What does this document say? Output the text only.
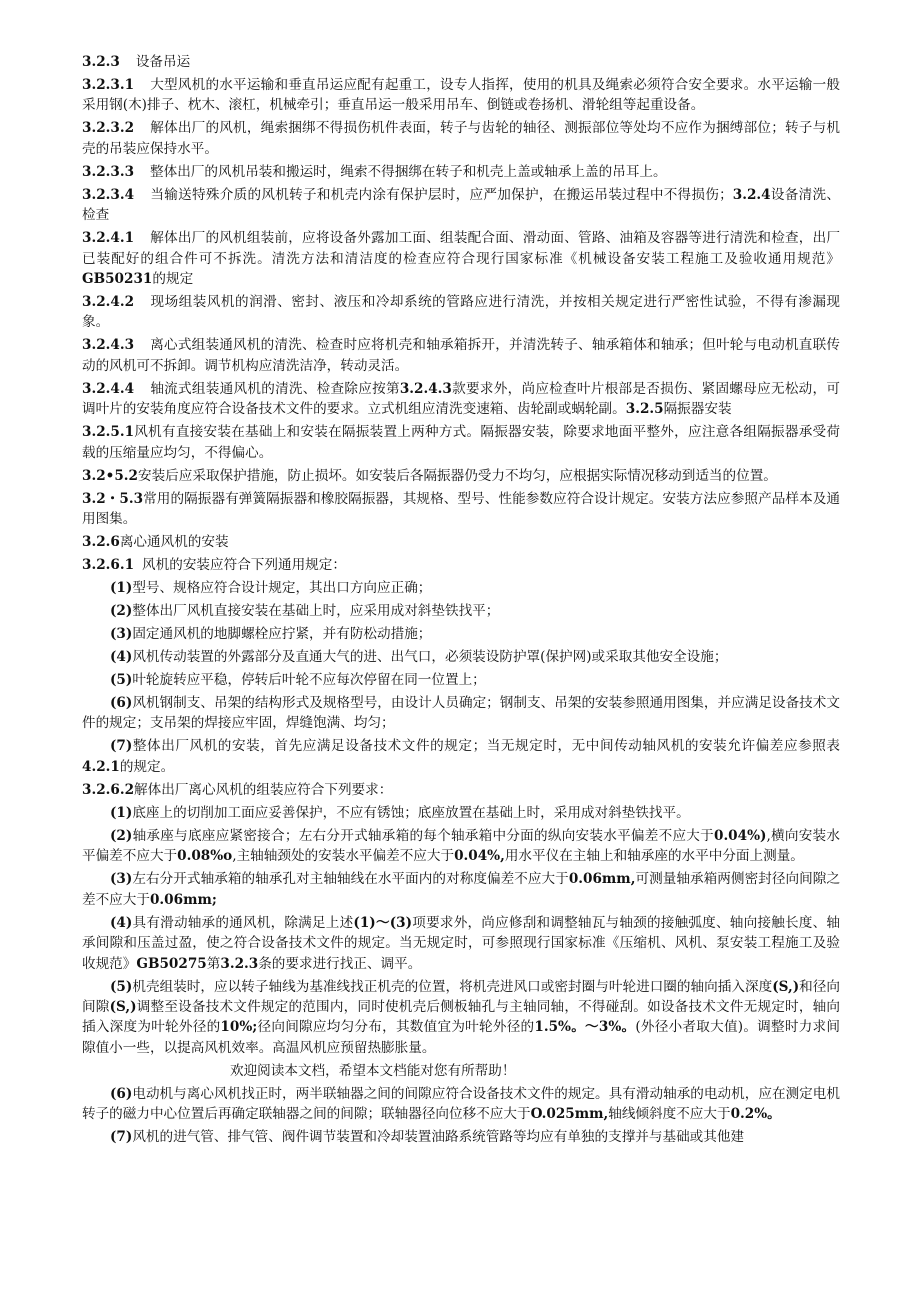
3.2.3 设备吊运
3.2.3.1 大型风机的水平运输和垂直吊运应配有起重工，设专人指挥，使用的机具及绳索必须符合安全要求。水平运输一般采用钢(木)排子、枕木、滚杠，机械牵引；垂直吊运一般采用吊车、倒链或卷扬机、滑轮组等起重设备。
3.2.3.2 解体出厂的风机，绳索捆绑不得损伤机件表面，转子与齿轮的轴径、测振部位等处均不应作为捆缚部位；转子与机壳的吊装应保持水平。
3.2.3.3 整体出厂的风机吊装和搬运时，绳索不得捆绑在转子和机壳上盖或轴承上盖的吊耳上。
3.2.3.4 当输送特殊介质的风机转子和机壳内涂有保护层时，应严加保护，在搬运吊装过程中不得损伤；3.2.4设备清洗、检查
3.2.4.1 解体出厂的风机组装前，应将设备外露加工面、组装配合面、滑动面、管路、油箱及容器等进行清洗和检查，出厂已装配好的组合件可不拆洗。清洗方法和清洁度的检查应符合现行国家标准《机械设备安装工程施工及验收通用规范》GB50231的规定
3.2.4.2 现场组装风机的润滑、密封、液压和冷却系统的管路应进行清洗，并按相关规定进行严密性试验，不得有渗漏现象。
3.2.4.3 离心式组装通风机的清洗、检查时应将机壳和轴承箱拆开，并清洗转子、轴承箱体和轴承；但叶轮与电动机直联传动的风机可不拆卸。调节机构应清洗洁净，转动灵活。
3.2.4.4 轴流式组装通风机的清洗、检查除应按第3.2.4.3款要求外，尚应检查叶片根部是否损伤、紧固螺母应无松动，可调叶片的安装角度应符合设备技术文件的要求。立式机组应清洗变速箱、齿轮副或蜗轮副。3.2.5隔振器安装
3.2.5.1风机有直接安装在基础上和安装在隔振装置上两种方式。隔振器安装，除要求地面平整外，应注意各组隔振器承受荷载的压缩量应均匀，不得偏心。
3.2•5.2安装后应采取保护措施，防止损坏。如安装后各隔振器仍受力不均匀，应根据实际情况移动到适当的位置。
3.2・5.3常用的隔振器有弹簧隔振器和橡胶隔振器，其规格、型号、性能参数应符合设计规定。安装方法应参照产品样本及通用图集。
3.2.6离心通风机的安装
3.2.6.1 风机的安装应符合下列通用规定：
(1)型号、规格应符合设计规定，其出口方向应正确；
(2)整体出厂风机直接安装在基础上时，应采用成对斜垫铁找平；
(3)固定通风机的地脚螺栓应拧紧，并有防松动措施；
(4)风机传动装置的外露部分及直通大气的进、出气口，必须装设防护罩(保护网)或采取其他安全设施；
(5)叶轮旋转应平稳，停转后叶轮不应每次停留在同一位置上；
(6)风机钢制支、吊架的结构形式及规格型号，由设计人员确定；钢制支、吊架的安装参照通用图集，并应满足设备技术文件的规定；支吊架的焊接应牢固，焊缝饱满、均匀；
(7)整体出厂风机的安装，首先应满足设备技术文件的规定；当无规定时，无中间传动轴风机的安装允许偏差应参照表4.2.1的规定。
3.2.6.2解体出厂离心风机的组装应符合下列要求：
(1)底座上的切削加工面应妥善保护，不应有锈蚀；底座放置在基础上时，采用成对斜垫铁找平。
(2)轴承座与底座应紧密接合；左右分开式轴承箱的每个轴承箱中分面的纵向安装水平偏差不应大于0.04%),横向安装水平偏差不应大于0.08%o,主轴轴颈处的安装水平偏差不应大于0.04%,用水平仪在主轴上和轴承座的水平中分面上测量。
(3)左右分开式轴承箱的轴承孔对主轴轴线在水平面内的对称度偏差不应大于0.06mm,可测量轴承箱两侧密封径向间隙之差不应大于0.06mm;
(4)具有滑动轴承的通风机，除满足上述(1)～(3)项要求外，尚应修刮和调整轴瓦与轴颈的接触弧度、轴向接触长度、轴承间隙和压盖过盈，使之符合设备技术文件的规定。当无规定时，可参照现行国家标准《压缩机、风机、泵安装工程施工及验收规范》GB50275第3.2.3条的要求进行找正、调平。
(5)机壳组装时，应以转子轴线为基准线找正机壳的位置，将机壳进风口或密封圈与叶轮进口圈的轴向插入深度(S,)和径向间隙(S,)调整至设备技术文件规定的范围内，同时使机壳后侧板轴孔与主轴同轴，不得碰刮。如设备技术文件无规定时，轴向插入深度为叶轮外径的10%;径向间隙应均匀分布，其数值宜为叶轮外径的1.5%。～3%。(外径小者取大值)。调整时力求间隙值小一些，以提高风机效率。高温风机应预留热膨胀量。
欢迎阅读本文档，希望本文档能对您有所帮助！
(6)电动机与离心风机找正时，两半联轴器之间的间隙应符合设备技术文件的规定。具有滑动轴承的电动机，应在测定电机转子的磁力中心位置后再确定联轴器之间的间隙；联轴器径向位移不应大于O.025mm,轴线倾斜度不应大于0.2%。
(7)风机的进气管、排气管、阀件调节装置和冷却装置油路系统管路等均应有单独的支撑并与基础或其他建
